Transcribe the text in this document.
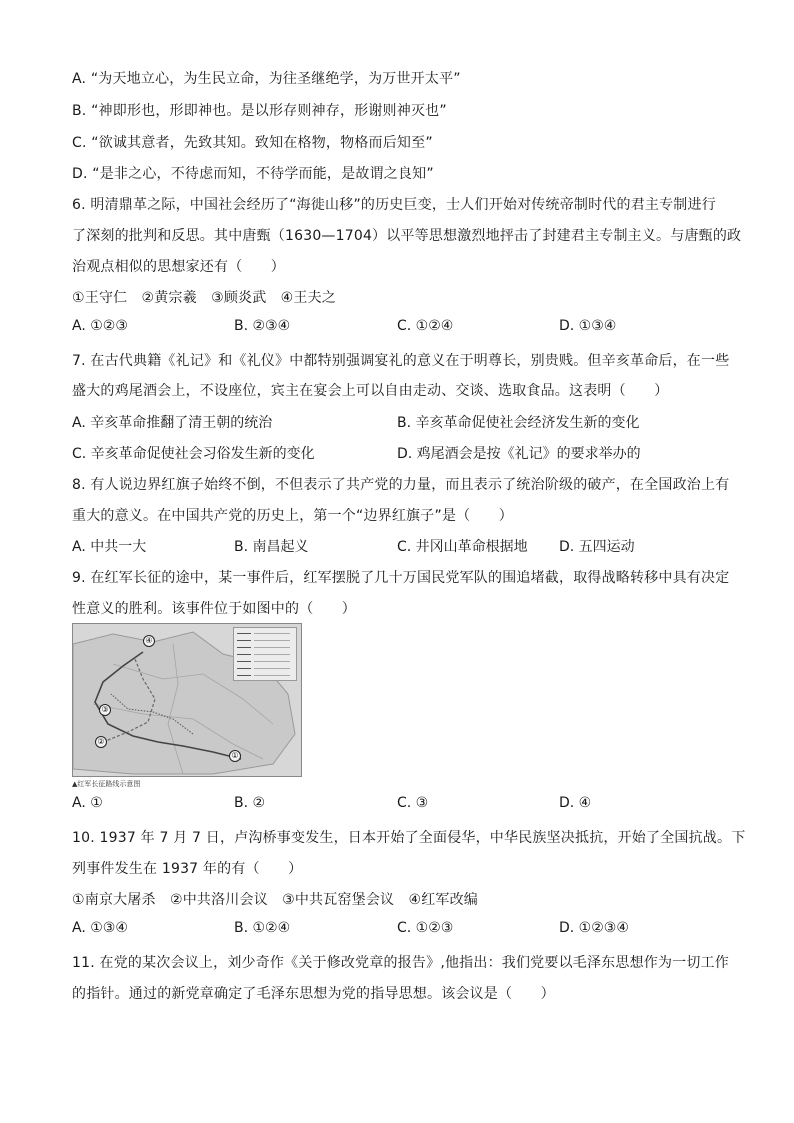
A. “为天地立心，为生民立命，为往圣继绝学，为万世开太平”
B. “神即形也，形即神也。是以形存则神存，形谢则神灭也”
C. “欲诚其意者，先致其知。致知在格物，物格而后知至”
D. “是非之心，不待虑而知，不待学而能，是故谓之良知”
6. 明清鼎革之际，中国社会经历了“海徙山移”的历史巨变，士人们开始对传统帝制时代的君主专制进行
了深刻的批判和反思。其中唐甄（1630—1704）以平等思想激烈地抨击了封建君主专制主义。与唐甄的政
治观点相似的思想家还有（　　）
①王守仁　②黄宗羲　③顾炎武　④王夫之
A. ①②③	B. ②③④	C. ①②④	D. ①③④
7. 在古代典籍《礼记》和《礼仪》中都特别强调宴礼的意义在于明尊长，别贵贱。但辛亥革命后，在一些
盛大的鸡尾酒会上，不设座位，宾主在宴会上可以自由走动、交谈、选取食品。这表明（　　）
A. 辛亥革命推翻了清王朝的统治	B. 辛亥革命促使社会经济发生新的变化
C. 辛亥革命促使社会习俗发生新的变化	D. 鸡尾酒会是按《礼记》的要求举办的
8. 有人说边界红旗子始终不倒，不但表示了共产党的力量，而且表示了统治阶级的破产，在全国政治上有
重大的意义。在中国共产党的历史上，第一个“边界红旗子”是（　　）
A. 中共一大	B. 南昌起义	C. 井冈山革命根据地 D. 五四运动
9. 在红军长征的途中，某一事件后，红军摆脱了几十万国民党军队的围追堵截，取得战略转移中具有决定
性意义的胜利。该事件位于如图中的（　　）
④
③
②
①
▲红军长征路线示意图
A. ①	B. ②	C. ③	D. ④
10. 1937 年 7 月 7 日，卢沟桥事变发生，日本开始了全面侵华，中华民族坚决抵抗，开始了全国抗战。下
列事件发生在 1937 年的有（　　）
①南京大屠杀　②中共洛川会议　③中共瓦窑堡会议　④红军改编
A. ①③④	B. ①②④	C. ①②③	D. ①②③④
11. 在党的某次会议上，刘少奇作《关于修改党章的报告》,他指出：我们党要以毛泽东思想作为一切工作
的指针。通过的新党章确定了毛泽东思想为党的指导思想。该会议是（　　）
